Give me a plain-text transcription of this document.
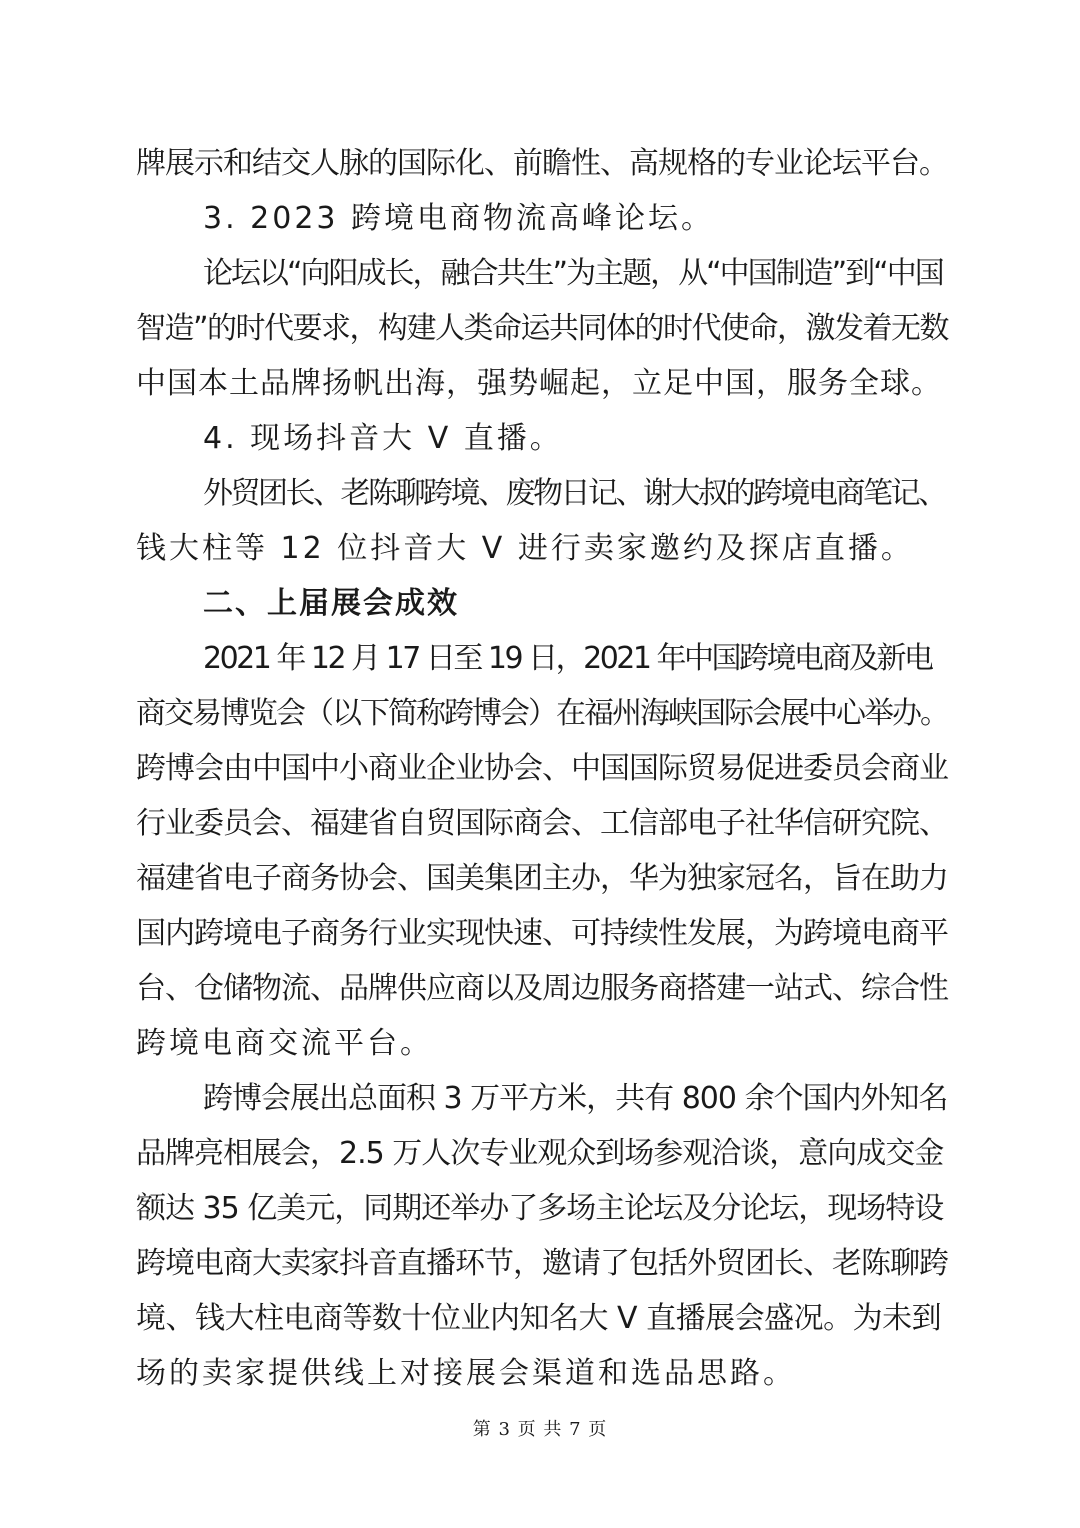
牌展示和结交人脉的国际化、前瞻性、高规格的专业论坛平台。
3. 2023 跨境电商物流高峰论坛。
论坛以“向阳成长，融合共生”为主题，从“中国制造”到“中国
智造”的时代要求，构建人类命运共同体的时代使命，激发着无数
中国本土品牌扬帆出海，强势崛起，立足中国，服务全球。
4. 现场抖音大 V 直播。
外贸团长、老陈聊跨境、废物日记、谢大叔的跨境电商笔记、
钱大柱等 12 位抖音大 V 进行卖家邀约及探店直播。
二、上届展会成效
2021 年 12 月 17 日至 19 日，2021 年中国跨境电商及新电
商交易博览会（以下简称跨博会）在福州海峡国际会展中心举办。
跨博会由中国中小商业企业协会、中国国际贸易促进委员会商业
行业委员会、福建省自贸国际商会、工信部电子社华信研究院、
福建省电子商务协会、国美集团主办，华为独家冠名，旨在助力
国内跨境电子商务行业实现快速、可持续性发展，为跨境电商平
台、仓储物流、品牌供应商以及周边服务商搭建一站式、综合性
跨境电商交流平台。
跨博会展出总面积 3 万平方米，共有 800 余个国内外知名
品牌亮相展会，2.5 万人次专业观众到场参观洽谈，意向成交金
额达 35 亿美元，同期还举办了多场主论坛及分论坛，现场特设
跨境电商大卖家抖音直播环节，邀请了包括外贸团长、老陈聊跨
境、钱大柱电商等数十位业内知名大 V 直播展会盛况。为未到
场的卖家提供线上对接展会渠道和选品思路。
第 3 页 共 7 页
